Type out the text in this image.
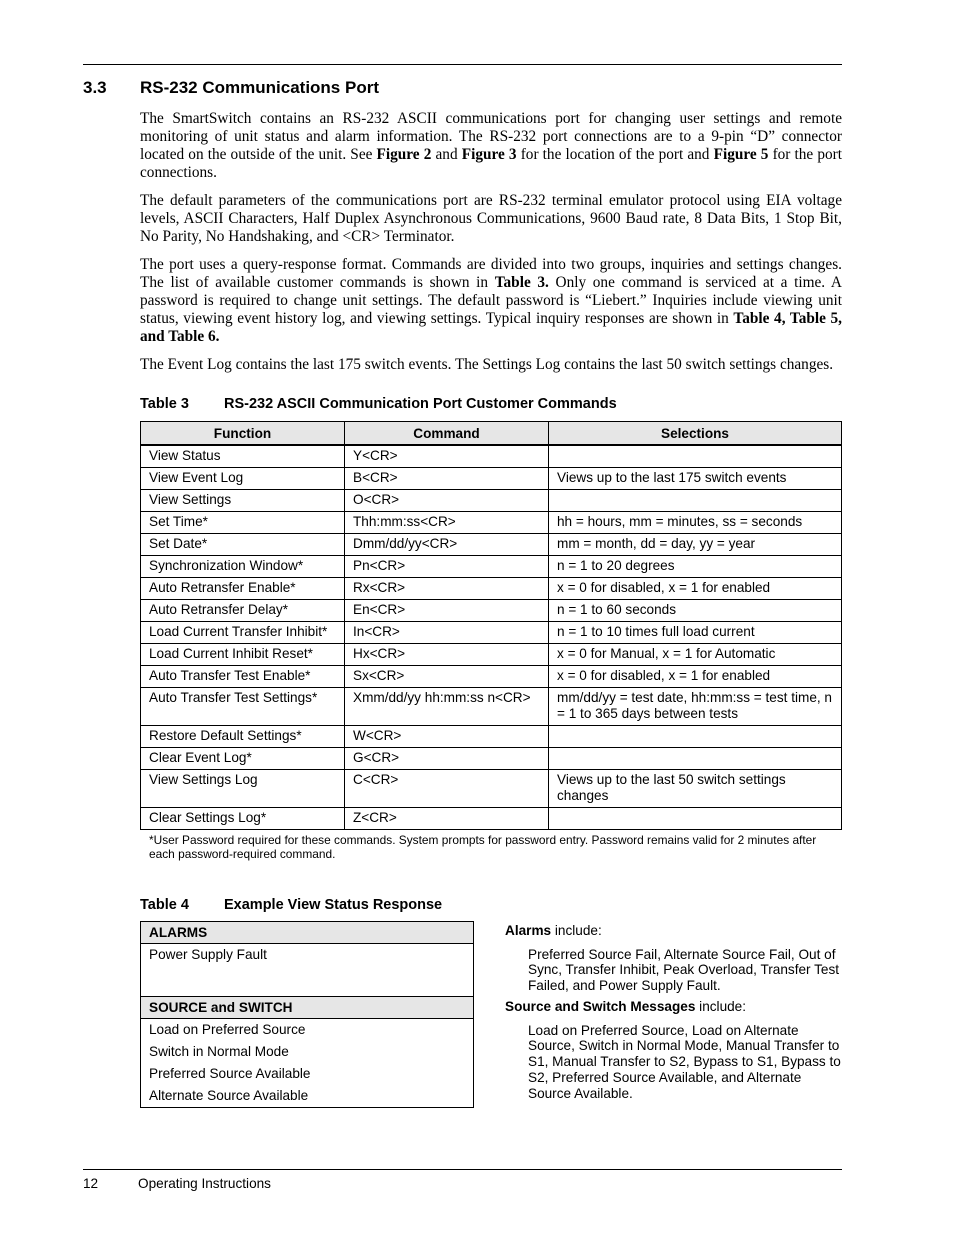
3.3 RS-232 Communications Port

The SmartSwitch contains an RS-232 ASCII communications port for changing user settings and remote monitoring of unit status and alarm information. The RS-232 port connections are to a 9-pin “D” connector located on the outside of the unit. See Figure 2 and Figure 3 for the location of the port and Figure 5 for the port connections.

The default parameters of the communications port are RS-232 terminal emulator protocol using EIA voltage levels, ASCII Characters, Half Duplex Asynchronous Communications, 9600 Baud rate, 8 Data Bits, 1 Stop Bit, No Parity, No Handshaking, and <CR> Terminator.

The port uses a query-response format. Commands are divided into two groups, inquiries and settings changes. The list of available customer commands is shown in Table 3. Only one command is serviced at a time. A password is required to change unit settings. The default password is “Liebert.” Inquiries include viewing unit status, viewing event history log, and viewing settings. Typical inquiry responses are shown in Table 4, Table 5, and Table 6.

The Event Log contains the last 175 switch events. The Settings Log contains the last 50 switch settings changes.

Table 3 RS-232 ASCII Communication Port Customer Commands
Function	Command	Selections
View Status	Y<CR>	
View Event Log	B<CR>	Views up to the last 175 switch events
View Settings	O<CR>	
Set Time*	Thh:mm:ss<CR>	hh = hours, mm = minutes, ss = seconds
Set Date*	Dmm/dd/yy<CR>	mm = month, dd = day, yy = year
Synchronization Window*	Pn<CR>	n = 1 to 20 degrees
Auto Retransfer Enable*	Rx<CR>	x = 0 for disabled, x = 1 for enabled
Auto Retransfer Delay*	En<CR>	n = 1 to 60 seconds
Load Current Transfer Inhibit*	In<CR>	n = 1 to 10 times full load current
Load Current Inhibit Reset*	Hx<CR>	x = 0 for Manual, x = 1 for Automatic
Auto Transfer Test Enable*	Sx<CR>	x = 0 for disabled, x = 1 for enabled
Auto Transfer Test Settings*	Xmm/dd/yy hh:mm:ss n<CR>	mm/dd/yy = test date, hh:mm:ss = test time, n = 1 to 365 days between tests
Restore Default Settings*	W<CR>	
Clear Event Log*	G<CR>	
View Settings Log	C<CR>	Views up to the last 50 switch settings changes
Clear Settings Log*	Z<CR>	
*User Password required for these commands. System prompts for password entry. Password remains valid for 2 minutes after each password-required command.
Table 4 Example View Status Response
ALARMS
Power Supply Fault
SOURCE and SWITCH
Load on Preferred Source
Switch in Normal Mode
Preferred Source Available
Alternate Source Available
Alarms include:
Preferred Source Fail, Alternate Source Fail, Out of Sync, Transfer Inhibit, Peak Overload, Transfer Test Failed, and Power Supply Fault.
Source and Switch Messages include:
Load on Preferred Source, Load on Alternate Source, Switch in Normal Mode, Manual Transfer to S1, Manual Transfer to S2, Bypass to S1, Bypass to S2, Preferred Source Available, and Alternate Source Available.
12	Operating Instructions
